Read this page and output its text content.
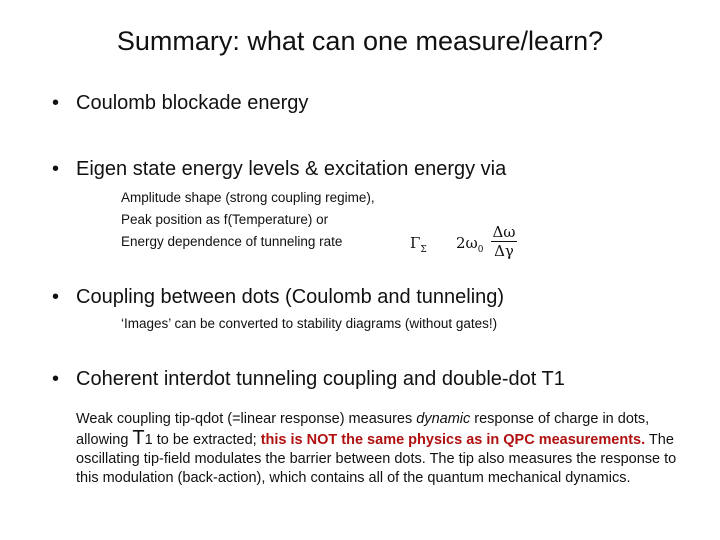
Summary: what can one measure/learn?
• Coulomb blockade energy
• Eigen state energy levels & excitation energy via
Amplitude shape (strong coupling regime),
Peak position as f(Temperature) or
Energy dependence of tunneling rate	$\Gamma_\Sigma$ $2\omega_0 \frac{\Delta\omega}{\Delta\gamma}$
• Coupling between dots (Coulomb and tunneling)
‘Images’ can be converted to stability diagrams (without gates!)
• Coherent interdot tunneling coupling and double-dot T1
Weak coupling tip-qdot (=linear response) measures dynamic response of charge in dots, allowing T1 to be extracted; this is NOT the same physics as in QPC measurements. The oscillating tip-field modulates the barrier between dots. The tip also measures the response to this modulation (back-action), which contains all of the quantum mechanical dynamics.
